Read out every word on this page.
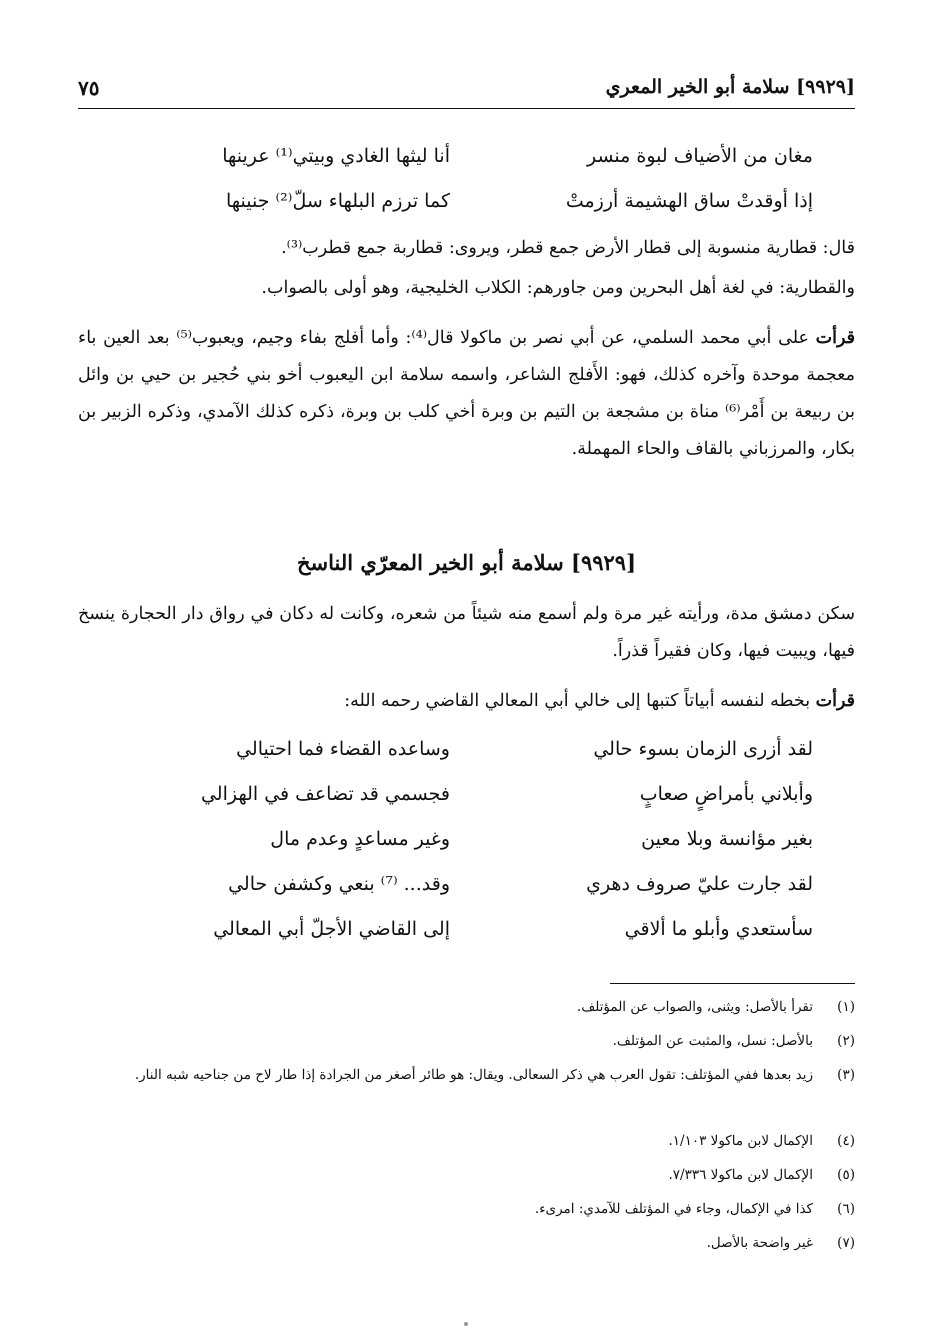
[٩٩٢٩] سلامة أبو الخير المعري
٧٥
مغان من الأضياف لبوة منسر
أنا ليثها الغادي وبيتي⁽¹⁾ عرينها
إذا أوقدتْ ساق الهشيمة أرزمتْ
كما ترزم البلهاء سلّ⁽²⁾ جنينها
قال: قطارية منسوبة إلى قطار الأرض جمع قطر، ويروى: قطاربة جمع قطرب⁽³⁾.
والقطارية: في لغة أهل البحرين ومن جاورهم: الكلاب الخليجية، وهو أولى بالصواب.
قرأت على أبي محمد السلمي، عن أبي نصر بن ماكولا قال⁽⁴⁾: وأما أفلج بفاء وجيم، ويعبوب⁽⁵⁾ بعد العين باء معجمة موحدة وآخره كذلك، فهو: الأَفلج الشاعر، واسمه سلامة ابن اليعبوب أخو بني حُجير بن حيي بن وائل بن ربيعة بن أَمْر⁽⁶⁾ مناة بن مشجعة بن التيم بن وبرة أخي كلب بن وبرة، ذكره كذلك الآمدي، وذكره الزبير بن بكار، والمرزباني بالقاف والحاء المهملة.
[٩٩٢٩] سلامة أبو الخير المعرّي الناسخ
سكن دمشق مدة، ورأيته غير مرة ولم أسمع منه شيئاً من شعره، وكانت له دكان في رواق دار الحجارة ينسخ فيها، ويبيت فيها، وكان فقيراً قذراً.
قرأت بخطه لنفسه أبياتاً كتبها إلى خالي أبي المعالي القاضي رحمه الله:
لقد أزرى الزمان بسوء حالي
وساعده القضاء فما احتيالي
وأبلاني بأمراضٍ صعابٍ
فجسمي قد تضاعف في الهزالي
بغير مؤانسة وبلا معين
وغير مساعدٍ وعدم مال
لقد جارت عليّ صروف دهري
وقد... ⁽⁷⁾ بنعي وكشفن حالي
سأستعدي وأبلو ما ألاقي
إلى القاضي الأجلّ أبي المعالي
(١)تقرأ بالأصل: ويثنى، والصواب عن المؤتلف.
(٢)بالأصل: نسل، والمثبت عن المؤتلف.
(٣)زيد بعدها ففي المؤتلف: تقول العرب هي ذكر السعالى. ويقال: هو طائر أصغر من الجرادة إذا طار لاح من جناحيه شبه النار.
(٤)الإكمال لابن ماكولا ١/١٠٣.
(٥)الإكمال لابن ماكولا ٧/٣٣٦.
(٦)كذا في الإكمال، وجاء في المؤتلف للآمدي: امرىء.
(٧)غير واضحة بالأصل.
